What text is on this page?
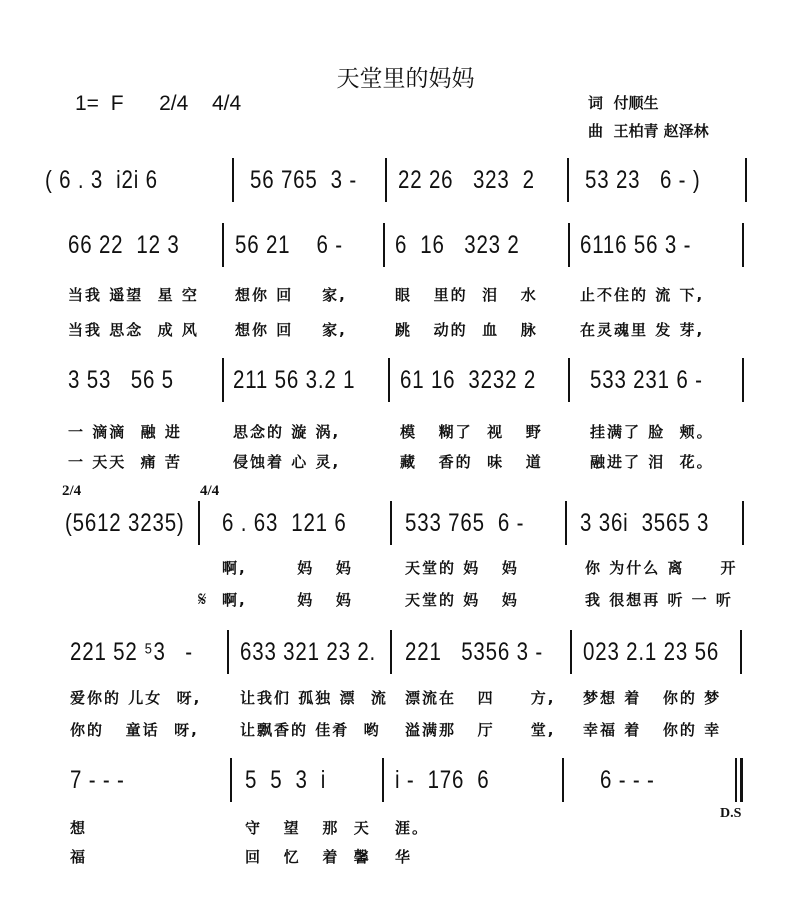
天堂里的妈妈
1= F   2/4  4/4	词  付顺生
曲  王柏青 赵泽林
( 6 . 3  i2i 6	56 765  3 - 22 26   323  2 53 23   6 - )
66 22  12 3 56 21    6 - 6  16   323 2 6116 56 3 -
当我 遥望  星 空 想你 回    家,	眼   里的  泪   水	止不住的 流 下,
当我 思念  成 风 想你 回    家,	跳   动的  血   脉	在灵魂里 发 芽,
3 53   56 5 211 56 3.2 1 61 16  3232 2 533 231 6 -
一 滴滴  融 进	思念的 漩 涡,	模   糊了  视   野	挂满了 脸  颊。
一 天天  痛 苦	侵蚀着 心 灵,	藏   香的  味   道	融进了 泪  花。
(5612 3235) 6 . 63  121 6 533 765  6 - 3 36i  3565 3
啊,       妈   妈	天堂的 妈   妈	你 为什么 离     开
啊,       妈   妈	天堂的 妈   妈	我 很想再 听 一 听
2/4	4/4
𝄋
221 52 ⁵3   - 633 321 23 2. 221   5356 3 - 023 2.1 23 56
爱你的 儿女  呀,	让我们 孤独 漂  流 漂流在   四     方, 梦想 着   你的 梦
你的   童话  呀,	让飘香的 佳肴  哟 溢满那   厅     堂, 幸福 着   你的 幸
7 - - -	5  5  3  i	i -  176  6	6 - - -
想	守   望   那  天 涯。
福	回   忆   着  馨 华
D.S
